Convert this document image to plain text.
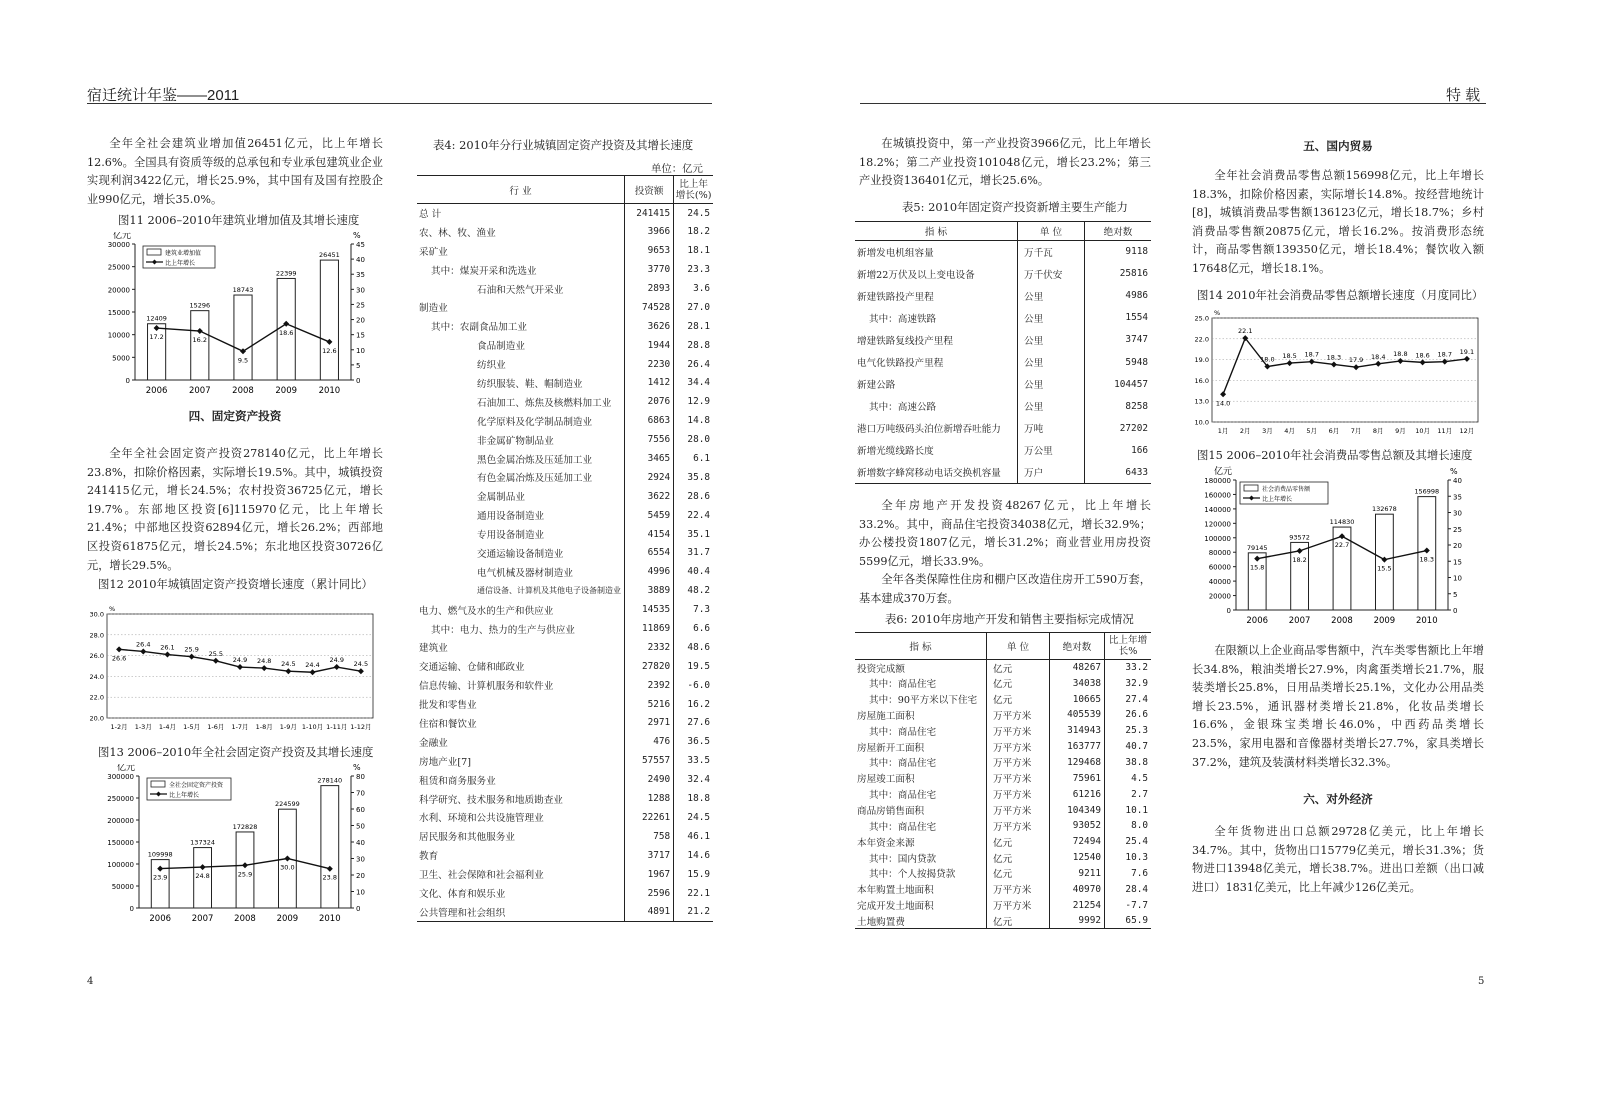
宿迁统计年鉴——2011	特 载

全年全社会建筑业增加值26451亿元，比上年增长12.6%。全国具有资质等级的总承包和专业承包建筑业企业实现利润3422亿元，增长25.9%，其中国有及国有控股企业990亿元，增长35.0%。

图11 2006–2010年建筑业增加值及其增长速度
0
5000
10000
15000
20000
25000
30000
0
5
10
15
20
25
30
35
40
45
亿元	%
12409
2006
15296
2007
18743
2008
22399
2009
26451
2010
17.2	16.2
9.5
18.6
12.6
建筑业增加值
比上年增长
四、固定资产投资

全年全社会固定资产投资278140亿元，比上年增长23.8%，扣除价格因素，实际增长19.5%。其中，城镇投资241415亿元，增长24.5%；农村投资36725亿元，增长19.7%。东部地区投资[6]115970亿元，比上年增长21.4%；中部地区投资62894亿元，增长26.2%；西部地区投资61875亿元，增长24.5%；东北地区投资30726亿元，增长29.5%。

图12 2010年城镇固定资产投资增长速度（累计同比）
20.0
22.0
24.0
26.0
28.0
30.0
%
1-2月 1-3月 1-4月 1-5月 1-6月 1-7月 1-8月 1-9月 1-10月 1-11月 1-12月
26.6
26.4 26.1 25.9
25.5
24.9 24.8 24.5 24.4
24.9
24.5
图13 2006–2010年全社会固定资产投资及其增长速度
0
50000
100000
150000
200000
250000
300000
0
10
20
30
40
50
60
70
80
亿元	%
109998
2006
137324
2007
172828
2008
224599
2009
278140
2010
23.9	24.8	25.9
30.0
23.8
全社会固定资产投资
比上年增长
表4: 2010年分行业城镇固定资产投资及其增长速度
单位：亿元
行 业	投资额	比上年增长(%)
总 计	241415	24.5
农、林、牧、渔业	3966	18.2
采矿业	9653	18.1
其中：煤炭开采和洗选业	3770	23.3
石油和天然气开采业	2893	3.6
制造业	74528	27.0
其中：农副食品加工业	3626	28.1
食品制造业	1944	28.8
纺织业	2230	26.4
纺织服装、鞋、帽制造业	1412	34.4
石油加工、炼焦及核燃料加工业	2076	12.9
化学原料及化学制品制造业	6863	14.8
非金属矿物制品业	7556	28.0
黑色金属冶炼及压延加工业	3465	6.1
有色金属冶炼及压延加工业	2924	35.8
金属制品业	3622	28.6
通用设备制造业	5459	22.4
专用设备制造业	4154	35.1
交通运输设备制造业	6554	31.7
电气机械及器材制造业	4996	40.4
通信设备、计算机及其他电子设备制造业	3889	48.2
电力、燃气及水的生产和供应业	14535	7.3
其中：电力、热力的生产与供应业	11869	6.6
建筑业	2332	48.6
交通运输、仓储和邮政业	27820	19.5
信息传输、计算机服务和软件业	2392	-6.0
批发和零售业	5216	16.2
住宿和餐饮业	2971	27.6
金融业	476	36.5
房地产业[7]	57557	33.5
租赁和商务服务业	2490	32.4
科学研究、技术服务和地质勘查业	1288	18.8
水利、环境和公共设施管理业	22261	24.5
居民服务和其他服务业	758	46.1
教育	3717	14.6
卫生、社会保障和社会福利业	1967	15.9
文化、体育和娱乐业	2596	22.1
公共管理和社会组织	4891	21.2

在城镇投资中，第一产业投资3966亿元，比上年增长18.2%；第二产业投资101048亿元，增长23.2%；第三产业投资136401亿元，增长25.6%。

表5: 2010年固定资产投资新增主要生产能力
指 标	单 位	绝对数
新增发电机组容量	万千瓦	9118
新增22万伏及以上变电设备	万千伏安	25816
新建铁路投产里程	公里	4986
其中：高速铁路	公里	1554
增建铁路复线投产里程	公里	3747
电气化铁路投产里程	公里	5948
新建公路	公里	104457
其中：高速公路	公里	8258
港口万吨级码头泊位新增吞吐能力	万吨	27202
新增光缆线路长度	万公里	166
新增数字蜂窝移动电话交换机容量	万户	6433

全年房地产开发投资48267亿元，比上年增长33.2%。其中，商品住宅投资34038亿元，增长32.9%；办公楼投资1807亿元，增长31.2%；商业营业用房投资5599亿元，增长33.9%。

全年各类保障性住房和棚户区改造住房开工590万套，基本建成370万套。

表6: 2010年房地产开发和销售主要指标完成情况
指 标	单 位	绝对数	比上年增长%
投资完成额	亿元	48267	33.2
其中：商品住宅	亿元	34038	32.9
其中：90平方米以下住宅	亿元	10665	27.4
房屋施工面积	万平方米	405539	26.6
其中：商品住宅	万平方米	314943	25.3
房屋新开工面积	万平方米	163777	40.7
其中：商品住宅	万平方米	129468	38.8
房屋竣工面积	万平方米	75961	4.5
其中：商品住宅	万平方米	61216	2.7
商品房销售面积	万平方米	104349	10.1
其中：商品住宅	万平方米	93052	8.0
本年资金来源	亿元	72494	25.4
其中：国内贷款	亿元	12540	10.3
其中：个人按揭贷款	亿元	9211	7.6
本年购置土地面积	万平方米	40970	28.4
完成开发土地面积	万平方米	21254	-7.7
土地购置费	亿元	9992	65.9
五、国内贸易

全年社会消费品零售总额156998亿元，比上年增长18.3%，扣除价格因素，实际增长14.8%。按经营地统计[8]，城镇消费品零售额136123亿元，增长18.7%；乡村消费品零售额20875亿元，增长16.2%。按消费形态统计，商品零售额139350亿元，增长18.4%；餐饮收入额17648亿元，增长18.1%。

图14 2010年社会消费品零售总额增长速度（月度同比）
10.0
13.0
16.0
19.0
22.0
25.0
%
1月 2月 3月 4月 5月 6月 7月 8月 9月 10月 11月 12月
14.0
22.1
18.0 18.5 18.7 18.3 17.9 18.4 18.8 18.6 18.7 19.1
图15 2006–2010年社会消费品零售总额及其增长速度
0
20000
40000
60000
80000
100000
120000
140000
160000
180000
0
5
10
15
20
25
30
35
40
亿元	%
79145
2006
93572
2007
114830
2008
132678
2009
156998
2010
15.8
18.2
22.7
15.5
18.3
社会消费品零售额
比上年增长

在限额以上企业商品零售额中，汽车类零售额比上年增长34.8%，粮油类增长27.9%，肉禽蛋类增长21.7%，服装类增长25.8%，日用品类增长25.1%，文化办公用品类增长23.5%，通讯器材类增长21.8%，化妆品类增长16.6%，金银珠宝类增长46.0%，中西药品类增长23.5%，家用电器和音像器材类增长27.7%，家具类增长37.2%，建筑及装潢材料类增长32.3%。

六、对外经济

全年货物进出口总额29728亿美元，比上年增长34.7%。其中，货物出口15779亿美元，增长31.3%；货物进口13948亿美元，增长38.7%。进出口差额（出口减进口）1831亿美元，比上年减少126亿美元。

4	5
